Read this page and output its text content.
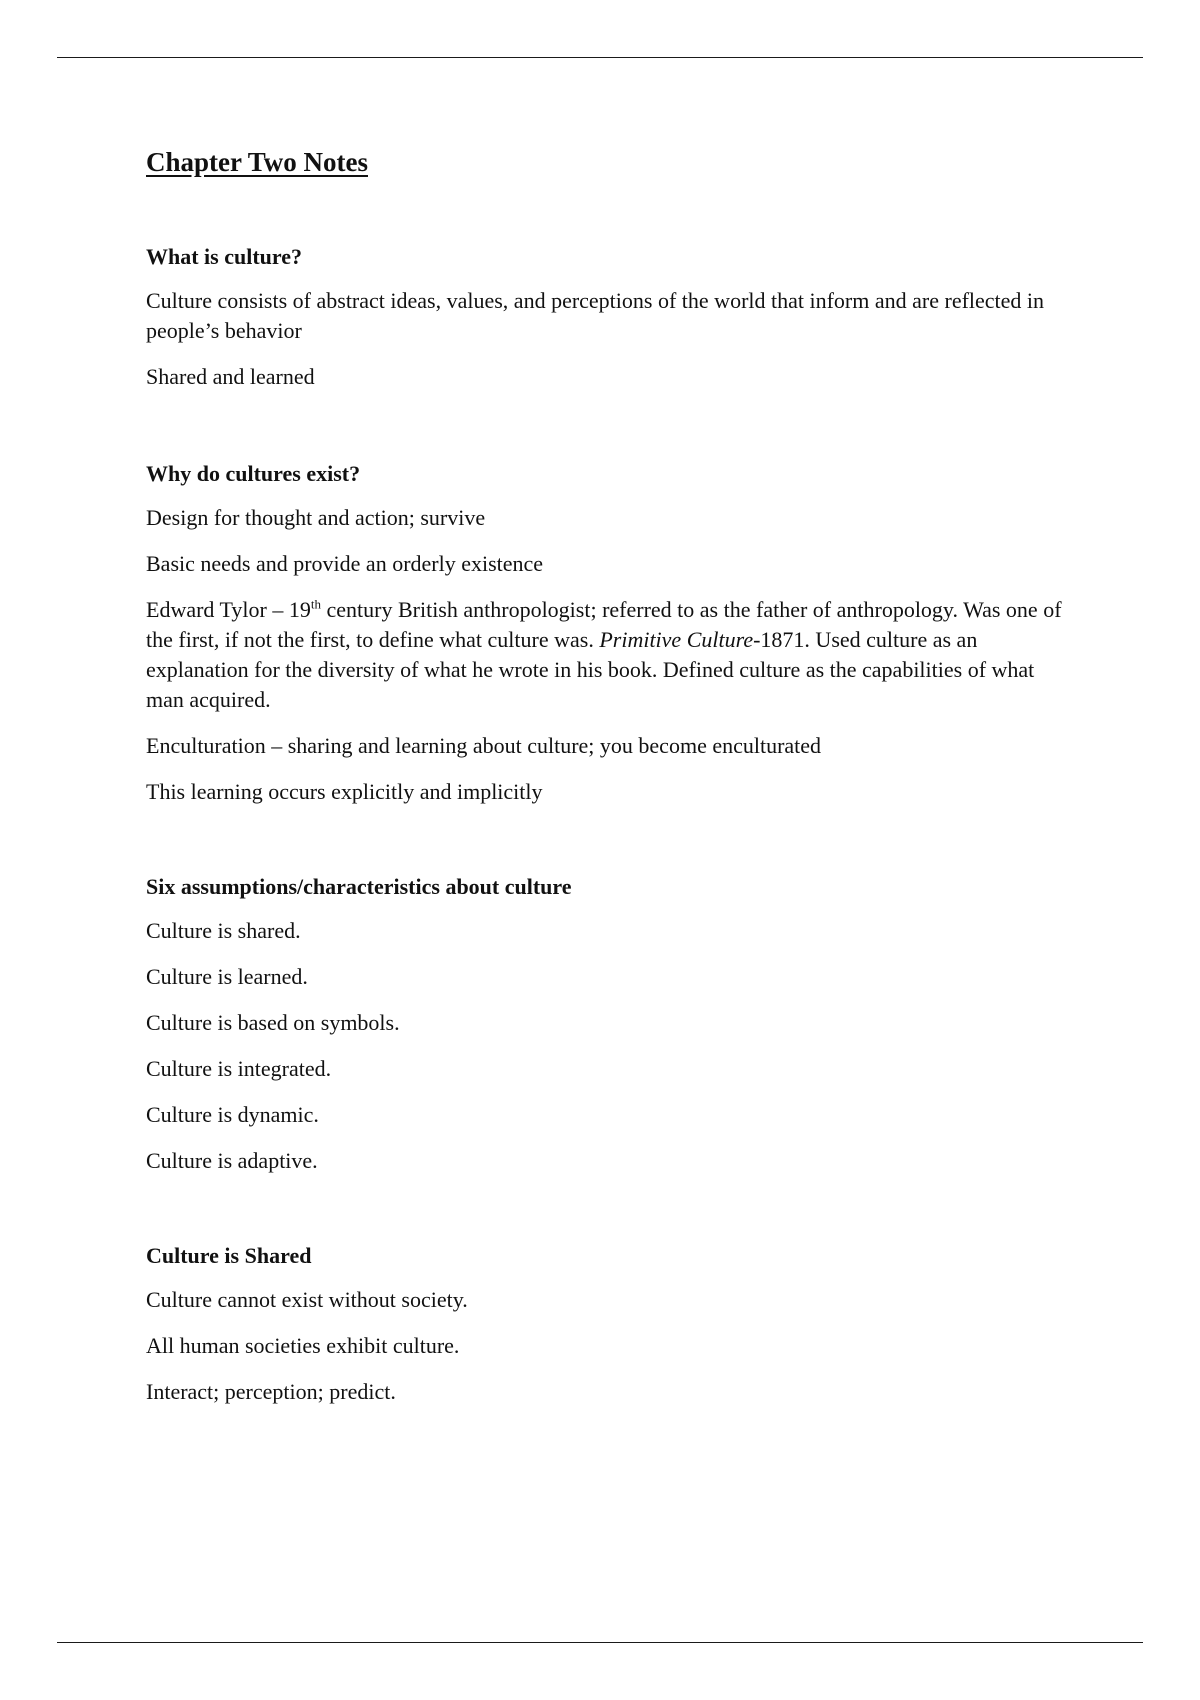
Chapter Two Notes

What is culture?

Culture consists of abstract ideas, values, and perceptions of the world that inform and are reflected in people’s behavior

Shared and learned

Why do cultures exist?

Design for thought and action; survive

Basic needs and provide an orderly existence

Edward Tylor – 19th century British anthropologist; referred to as the father of anthropology. Was one of the first, if not the first, to define what culture was. Primitive Culture-1871. Used culture as an explanation for the diversity of what he wrote in his book. Defined culture as the capabilities of what man acquired.

Enculturation – sharing and learning about culture; you become enculturated

This learning occurs explicitly and implicitly

Six assumptions/characteristics about culture

Culture is shared.

Culture is learned.

Culture is based on symbols.

Culture is integrated.

Culture is dynamic.

Culture is adaptive.

Culture is Shared

Culture cannot exist without society.

All human societies exhibit culture.

Interact; perception; predict.
